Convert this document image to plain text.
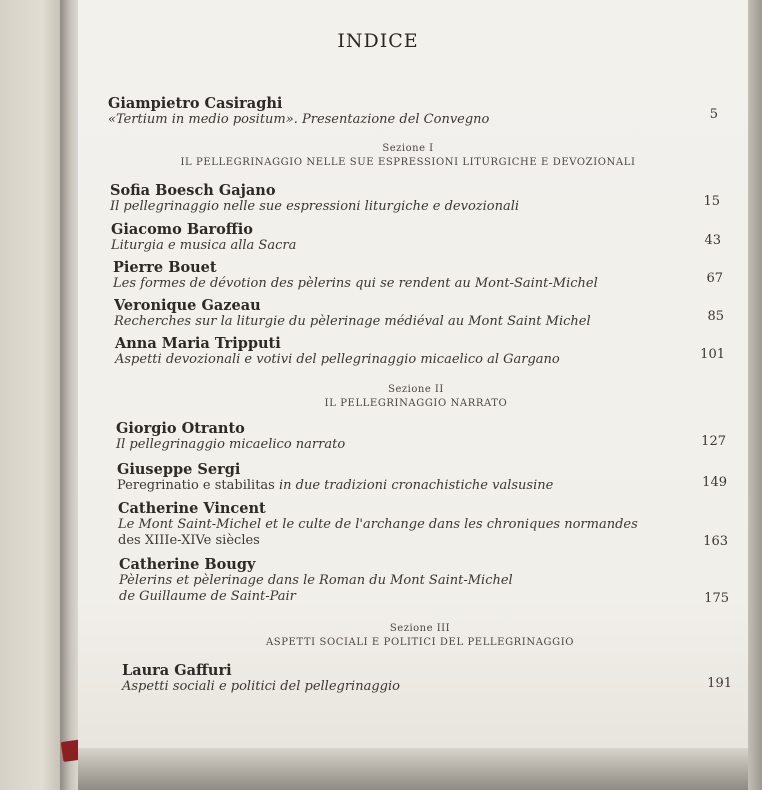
INDICE
Giampietro Casiraghi
«Tertium in medio positum». Presentazione del Convegno	5
Sezione I
IL PELLEGRINAGGIO NELLE SUE ESPRESSIONI LITURGICHE E DEVOZIONALI
Sofia Boesch Gajano
Il pellegrinaggio nelle sue espressioni liturgiche e devozionali	15
Giacomo Baroffio
Liturgia e musica alla Sacra	43
Pierre Bouet
Les formes de dévotion des pèlerins qui se rendent au Mont-Saint-Michel	67
Veronique Gazeau
Recherches sur la liturgie du pèlerinage médiéval au Mont Saint Michel	85
Anna Maria Tripputi
Aspetti devozionali e votivi del pellegrinaggio micaelico al Gargano	101
Sezione II
IL PELLEGRINAGGIO NARRATO
Giorgio Otranto
Il pellegrinaggio micaelico narrato	127
Giuseppe Sergi
Peregrinatio e stabilitas in due tradizioni cronachistiche valsusine	149
Catherine Vincent
Le Mont Saint-Michel et le culte de l'archange dans les chroniques normandes
des XIIIe-XIVe siècles	163
Catherine Bougy
Pèlerins et pèlerinage dans le Roman du Mont Saint-Michel
de Guillaume de Saint-Pair	175
Sezione III
ASPETTI SOCIALI E POLITICI DEL PELLEGRINAGGIO
Laura Gaffuri
Aspetti sociali e politici del pellegrinaggio	191
